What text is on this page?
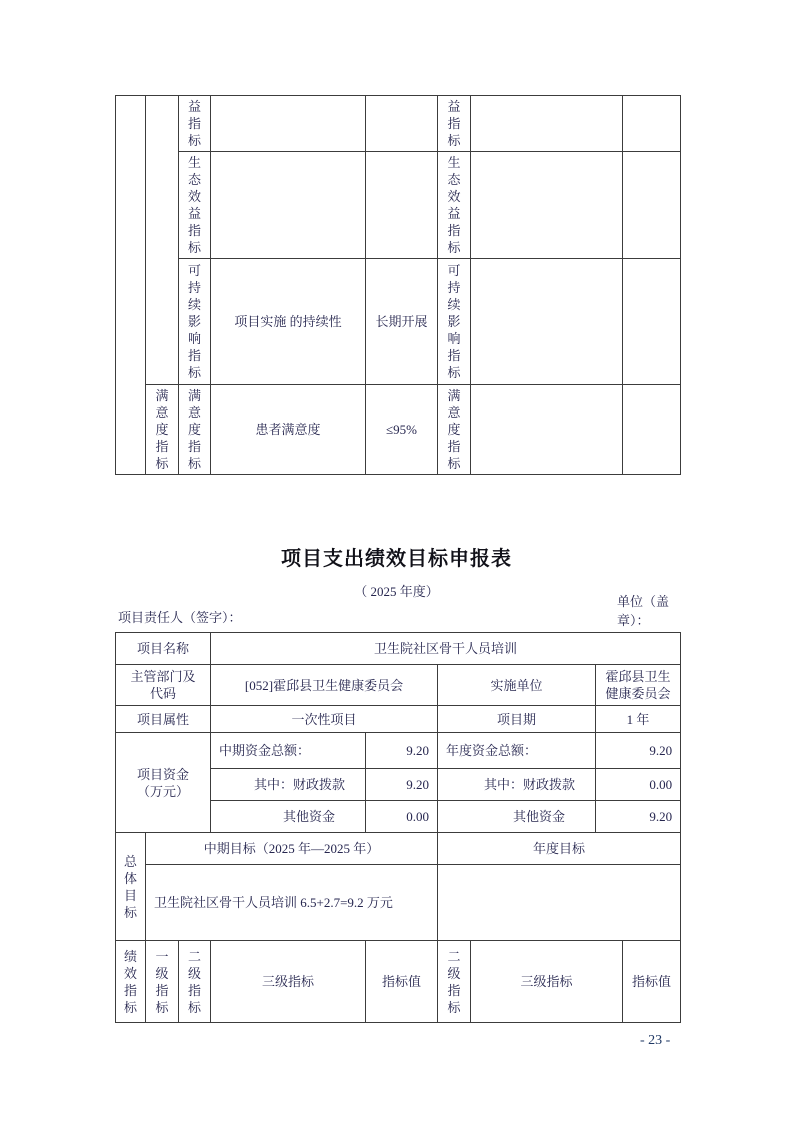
		益指标			益指标		

		生态效益指标			生态效益指标		

		可持续影响指标	项目实施 的持续性	长期开展	可持续影响指标		

	满意度指标	满意度指标	患者满意度	≤95%	满意度指标		

项目支出绩效目标申报表
（ 2025 年度）
项目责任人（签字）：
单位（盖章）：
项目名称			卫生院社区骨干人员培训					

主管部门及代码			[052]霍邱县卫生健康委员会		实施单位		霍邱县卫生健康委员会	

项目属性			一次性项目		项目期		1 年	

项目资金（万元）			中期资金总额：	9.20	年度资金总额：		9.20	
			其中：财政拨款	9.20	其中：财政拨款		0.00	
			其他资金	0.00	其他资金		9.20	

总体目标	中期目标（2025 年—2025 年）				年度目标			
	卫生院社区骨干人员培训 6.5+2.7=9.2 万元							

绩效指标	一级指标	二级指标	三级指标	指标值	二级指标	三级指标		指标值
- 23 -
